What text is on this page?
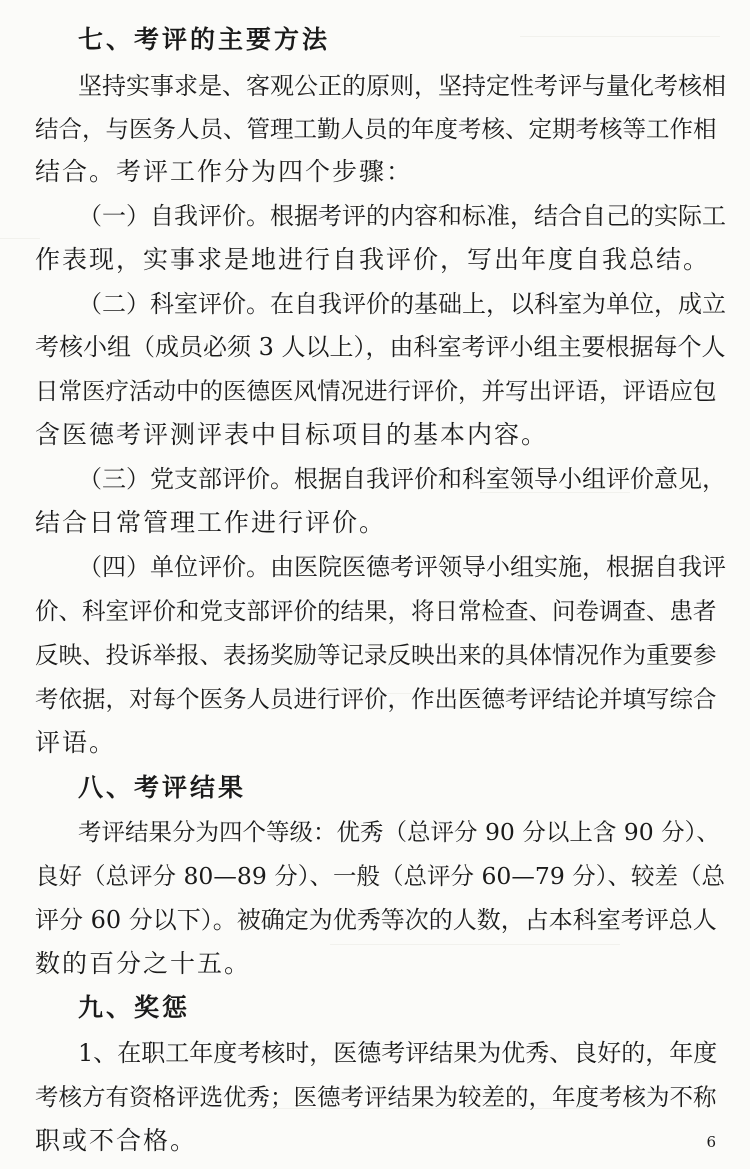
七、考评的主要方法
坚持实事求是、客观公正的原则，坚持定性考评与量化考核相
结合，与医务人员、管理工勤人员的年度考核、定期考核等工作相
结合。考评工作分为四个步骤：
（一）自我评价。根据考评的内容和标准，结合自己的实际工
作表现，实事求是地进行自我评价，写出年度自我总结。
（二）科室评价。在自我评价的基础上，以科室为单位，成立
考核小组（成员必须 3 人以上），由科室考评小组主要根据每个人
日常医疗活动中的医德医风情况进行评价，并写出评语，评语应包
含医德考评测评表中目标项目的基本内容。
（三）党支部评价。根据自我评价和科室领导小组评价意见，
结合日常管理工作进行评价。
（四）单位评价。由医院医德考评领导小组实施，根据自我评
价、科室评价和党支部评价的结果，将日常检查、问卷调查、患者
反映、投诉举报、表扬奖励等记录反映出来的具体情况作为重要参
考依据，对每个医务人员进行评价，作出医德考评结论并填写综合
评语。
八、考评结果
考评结果分为四个等级：优秀（总评分 90 分以上含 90 分）、
良好（总评分 80—89 分）、一般（总评分 60—79 分）、较差（总
评分 60 分以下）。被确定为优秀等次的人数，占本科室考评总人
数的百分之十五。
九、奖惩
1、在职工年度考核时，医德考评结果为优秀、良好的，年度
考核方有资格评选优秀；医德考评结果为较差的，年度考核为不称
职或不合格。	6
